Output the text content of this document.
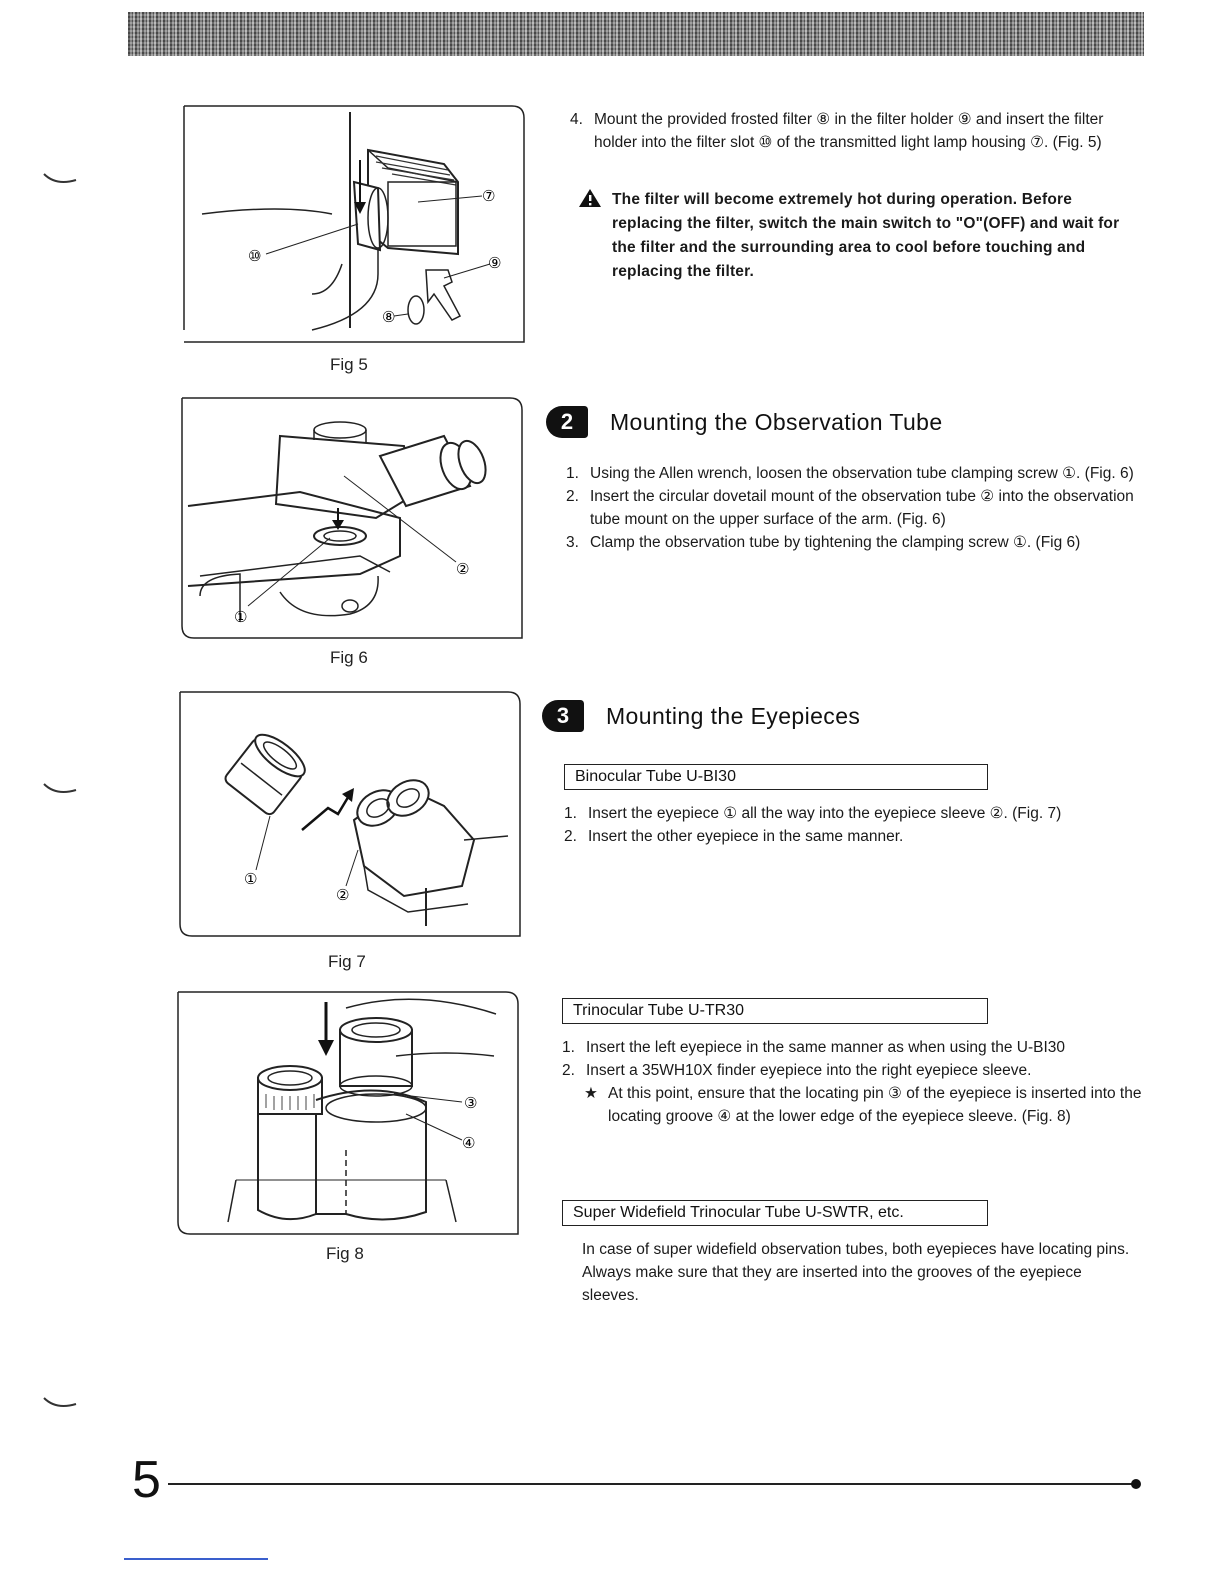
⑦
⑩	⑨
⑧
Fig 5
②
①
Fig 6
①
②
Fig 7
③
④
Fig 8
4. Mount the provided frosted filter ⑧ in the filter holder ⑨ and insert the filter holder into the filter slot ⑩ of the transmitted light lamp housing ⑦. (Fig. 5)

The filter will become extremely hot during operation. Before replacing the filter, switch the main switch to "O"(OFF) and wait for the filter and the surrounding area to cool before touching and replacing the filter.

2	Mounting the Observation Tube
1. Using the Allen wrench, loosen the observation tube clamping screw ①. (Fig. 6)

2. Insert the circular dovetail mount of the observation tube ② into the observation tube mount on the upper surface of the arm. (Fig. 6)

3. Clamp the observation tube by tightening the clamping screw ①. (Fig 6)

3	Mounting the Eyepieces
Binocular Tube U-BI30
1. Insert the eyepiece ① all the way into the eyepiece sleeve ②. (Fig. 7)

2. Insert the other eyepiece in the same manner.

Trinocular Tube U-TR30
1. Insert the left eyepiece in the same manner as when using the U-BI30

2. Insert a 35WH10X finder eyepiece into the right eyepiece sleeve.

★ At this point, ensure that the locating pin ③ of the eyepiece is inserted into the locating groove ④ at the lower edge of the eyepiece sleeve. (Fig. 8)

Super Widefield Trinocular Tube U-SWTR, etc.

In case of super widefield observation tubes, both eyepieces have locating pins. Always make sure that they are inserted into the grooves of the eyepiece sleeves.

5
